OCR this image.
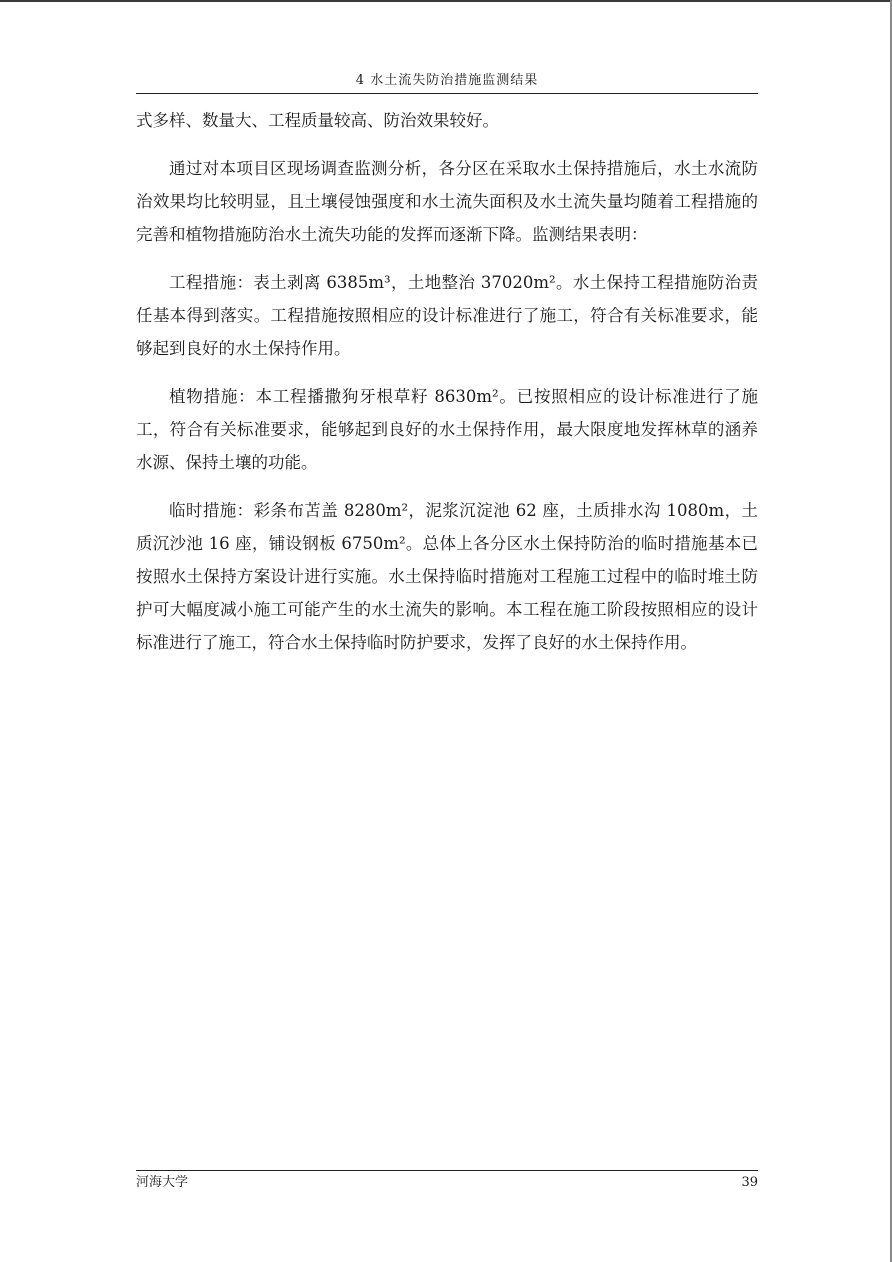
4 水土流失防治措施监测结果

式多样、数量大、工程质量较高、防治效果较好。

通过对本项目区现场调查监测分析，各分区在采取水土保持措施后，水土水流防治效果均比较明显，且土壤侵蚀强度和水土流失面积及水土流失量均随着工程措施的完善和植物措施防治水土流失功能的发挥而逐渐下降。监测结果表明：

工程措施：表土剥离 6385m³，土地整治 37020m²。水土保持工程措施防治责任基本得到落实。工程措施按照相应的设计标准进行了施工，符合有关标准要求，能够起到良好的水土保持作用。

植物措施：本工程播撒狗牙根草籽 8630m²。已按照相应的设计标准进行了施工，符合有关标准要求，能够起到良好的水土保持作用，最大限度地发挥林草的涵养水源、保持土壤的功能。

临时措施：彩条布苫盖 8280m²，泥浆沉淀池 62 座，土质排水沟 1080m，土质沉沙池 16 座，铺设钢板 6750m²。总体上各分区水土保持防治的临时措施基本已按照水土保持方案设计进行实施。水土保持临时措施对工程施工过程中的临时堆土防护可大幅度减小施工可能产生的水土流失的影响。本工程在施工阶段按照相应的设计标准进行了施工，符合水土保持临时防护要求，发挥了良好的水土保持作用。

河海大学	39
